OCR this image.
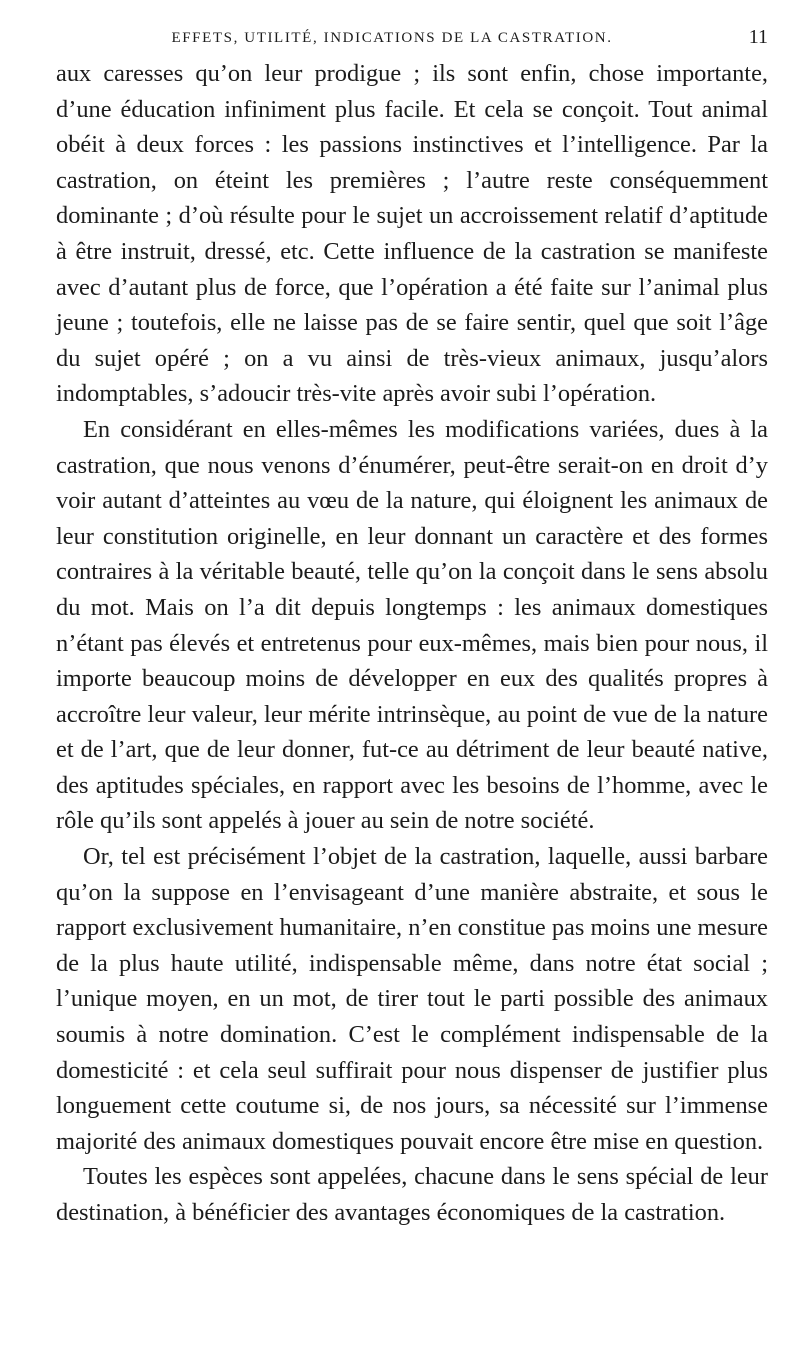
EFFETS, UTILITÉ, INDICATIONS DE LA CASTRATION.	11

aux caresses qu’on leur prodigue ; ils sont enfin, chose importante, d’une éducation infiniment plus facile. Et cela se conçoit. Tout animal obéit à deux forces : les passions instinctives et l’intelligence. Par la castration, on éteint les premières ; l’autre reste conséquemment dominante ; d’où résulte pour le sujet un accroissement relatif d’aptitude à être instruit, dressé, etc. Cette influence de la castration se manifeste avec d’autant plus de force, que l’opération a été faite sur l’animal plus jeune ; toutefois, elle ne laisse pas de se faire sentir, quel que soit l’âge du sujet opéré ; on a vu ainsi de très-vieux animaux, jusqu’alors indomptables, s’adoucir très-vite après avoir subi l’opération.

En considérant en elles-mêmes les modifications variées, dues à la castration, que nous venons d’énumérer, peut-être serait-on en droit d’y voir autant d’atteintes au vœu de la nature, qui éloignent les animaux de leur constitution originelle, en leur donnant un caractère et des formes contraires à la véritable beauté, telle qu’on la conçoit dans le sens absolu du mot. Mais on l’a dit depuis longtemps : les animaux domestiques n’étant pas élevés et entretenus pour eux-mêmes, mais bien pour nous, il importe beaucoup moins de développer en eux des qualités propres à accroître leur valeur, leur mérite intrinsèque, au point de vue de la nature et de l’art, que de leur donner, fut-ce au détriment de leur beauté native, des aptitudes spéciales, en rapport avec les besoins de l’homme, avec le rôle qu’ils sont appelés à jouer au sein de notre société.

Or, tel est précisément l’objet de la castration, laquelle, aussi barbare qu’on la suppose en l’envisageant d’une manière abstraite, et sous le rapport exclusivement humanitaire, n’en constitue pas moins une mesure de la plus haute utilité, indispensable même, dans notre état social ; l’unique moyen, en un mot, de tirer tout le parti possible des animaux soumis à notre domination. C’est le complément indispensable de la domesticité : et cela seul suffirait pour nous dispenser de justifier plus longuement cette coutume si, de nos jours, sa nécessité sur l’immense majorité des animaux domestiques pouvait encore être mise en question.

Toutes les espèces sont appelées, chacune dans le sens spécial de leur destination, à bénéficier des avantages économiques de la castration.
